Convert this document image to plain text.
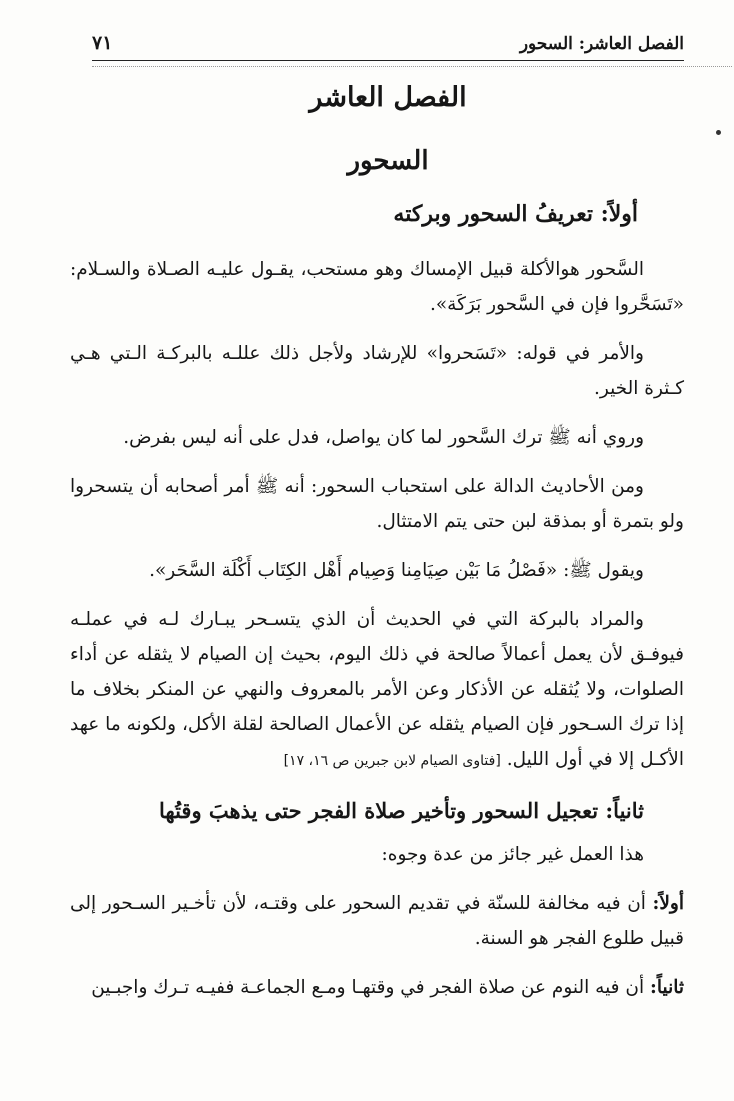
الفصل العاشر: السحور
٧١
الفصل العاشر
السحور
أولاً: تعريفُ السحور وبركته

السَّحور هوالأكلة قبيل الإمساك وهو مستحب، يقـول عليـه الصـلاة والسـلام: «تَسَحَّروا فإن في السَّحور بَرَكَة».

والأمر في قوله: «تَسَحروا» للإرشاد ولأجل ذلك عللـه بالبركـة الـتي هـي كـثرة الخير.

وروي أنه ﷺ ترك السَّحور لما كان يواصل، فدل على أنه ليس بفرض.

ومن الأحاديث الدالة على استحباب السحور: أنه ﷺ أمر أصحابه أن يتسحروا ولو بتمرة أو بمذقة لبن حتى يتم الامتثال.

ويقول ﷺ: «فَصْلُ مَا بَيْن صِيَامِنا وَصِيام أَهْل الكِتَاب أَكْلَة السَّحَر».

والمراد بالبركة التي في الحديث أن الذي يتسـحر يبـارك لـه في عملـه فيوفـق لأن يعمل أعمالاً صالحة في ذلك اليوم، بحيث إن الصيام لا يثقله عن أداء الصلوات، ولا يُثقله عن الأذكار وعن الأمر بالمعروف والنهي عن المنكر بخلاف ما إذا ترك السـحور فإن الصيام يثقله عن الأعمال الصالحة لقلة الأكل، ولكونه ما عهد الأكـل إلا في أول الليل. [فتاوى الصيام لابن جبرين ص ١٦، ١٧]

ثانياً: تعجيل السحور وتأخير صلاة الفجر حتى يذهبَ وقتُها

هذا العمل غير جائز من عدة وجوه:

أولاً: أن فيه مخالفة للسنّة في تقديم السحور على وقتـه، لأن تأخـير السـحور إلى قبيل طلوع الفجر هو السنة.

ثانياً: أن فيه النوم عن صلاة الفجر في وقتهـا ومـع الجماعـة ففيـه تـرك واجبـين
